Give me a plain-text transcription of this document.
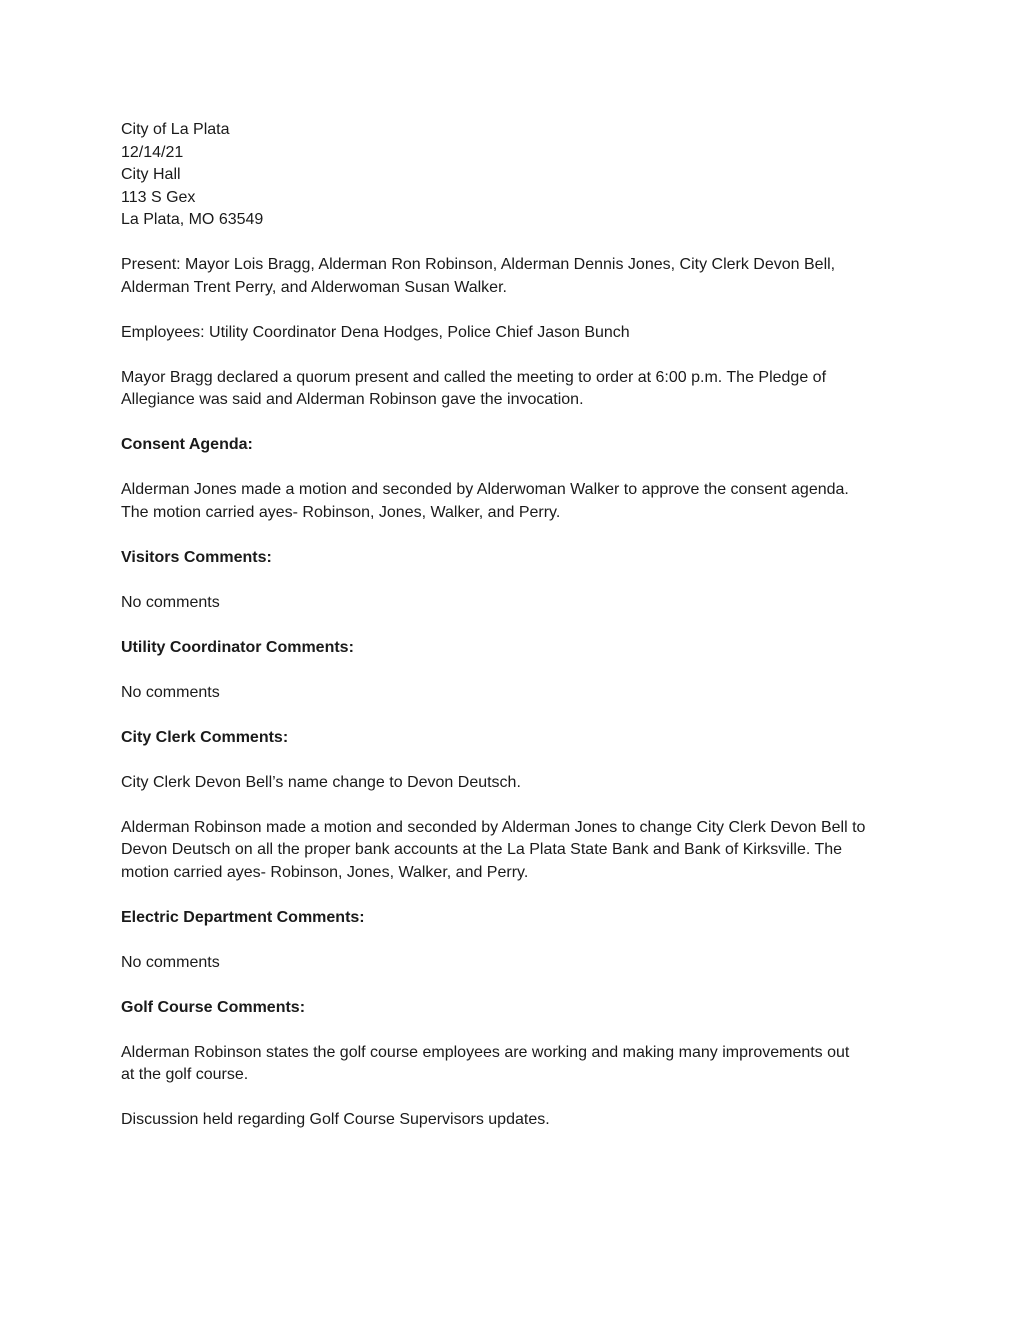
City of La Plata
12/14/21
City Hall
113 S Gex
La Plata, MO 63549
Present: Mayor Lois Bragg, Alderman Ron Robinson, Alderman Dennis Jones, City Clerk Devon Bell,
Alderman Trent Perry, and Alderwoman Susan Walker.
Employees: Utility Coordinator Dena Hodges, Police Chief Jason Bunch
Mayor Bragg declared a quorum present and called the meeting to order at 6:00 p.m. The Pledge of
Allegiance was said and Alderman Robinson gave the invocation.
Consent Agenda:
Alderman Jones made a motion and seconded by Alderwoman Walker to approve the consent agenda.
The motion carried ayes- Robinson, Jones, Walker, and Perry.
Visitors Comments:
No comments
Utility Coordinator Comments:
No comments
City Clerk Comments:
City Clerk Devon Bell’s name change to Devon Deutsch.
Alderman Robinson made a motion and seconded by Alderman Jones to change City Clerk Devon Bell to
Devon Deutsch on all the proper bank accounts at the La Plata State Bank and Bank of Kirksville. The
motion carried ayes- Robinson, Jones, Walker, and Perry.
Electric Department Comments:
No comments
Golf Course Comments:
Alderman Robinson states the golf course employees are working and making many improvements out
at the golf course.
Discussion held regarding Golf Course Supervisors updates.
